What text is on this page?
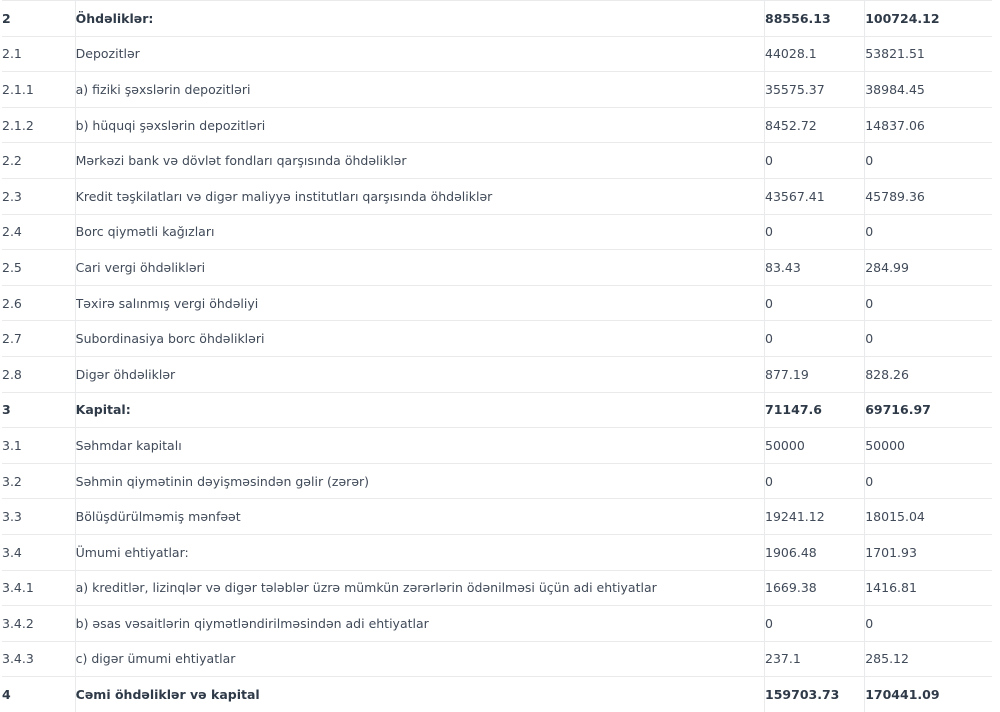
2	Öhdəliklər:	88556.13	100724.12
2.1	Depozitlər	44028.1	53821.51
2.1.1	a) fiziki şəxslərin depozitləri	35575.37	38984.45
2.1.2	b) hüquqi şəxslərin depozitləri	8452.72	14837.06
2.2	Mərkəzi bank və dövlət fondları qarşısında öhdəliklər	0	0
2.3	Kredit təşkilatları və digər maliyyə institutları qarşısında öhdəliklər	43567.41	45789.36
2.4	Borc qiymətli kağızları	0	0
2.5	Cari vergi öhdəlikləri	83.43	284.99
2.6	Təxirə salınmış vergi öhdəliyi	0	0
2.7	Subordinasiya borc öhdəlikləri	0	0
2.8	Digər öhdəliklər	877.19	828.26
3	Kapital:	71147.6	69716.97
3.1	Səhmdar kapitalı	50000	50000
3.2	Səhmin qiymətinin dəyişməsindən gəlir (zərər)	0	0
3.3	Bölüşdürülməmiş mənfəət	19241.12	18015.04
3.4	Ümumi ehtiyatlar:	1906.48	1701.93
3.4.1	a) kreditlər, lizinqlər və digər tələblər üzrə mümkün zərərlərin ödənilməsi üçün adi ehtiyatlar	1669.38	1416.81
3.4.2	b) əsas vəsaitlərin qiymətləndirilməsindən adi ehtiyatlar	0	0
3.4.3	c) digər ümumi ehtiyatlar	237.1	285.12
4	Cəmi öhdəliklər və kapital	159703.73	170441.09
